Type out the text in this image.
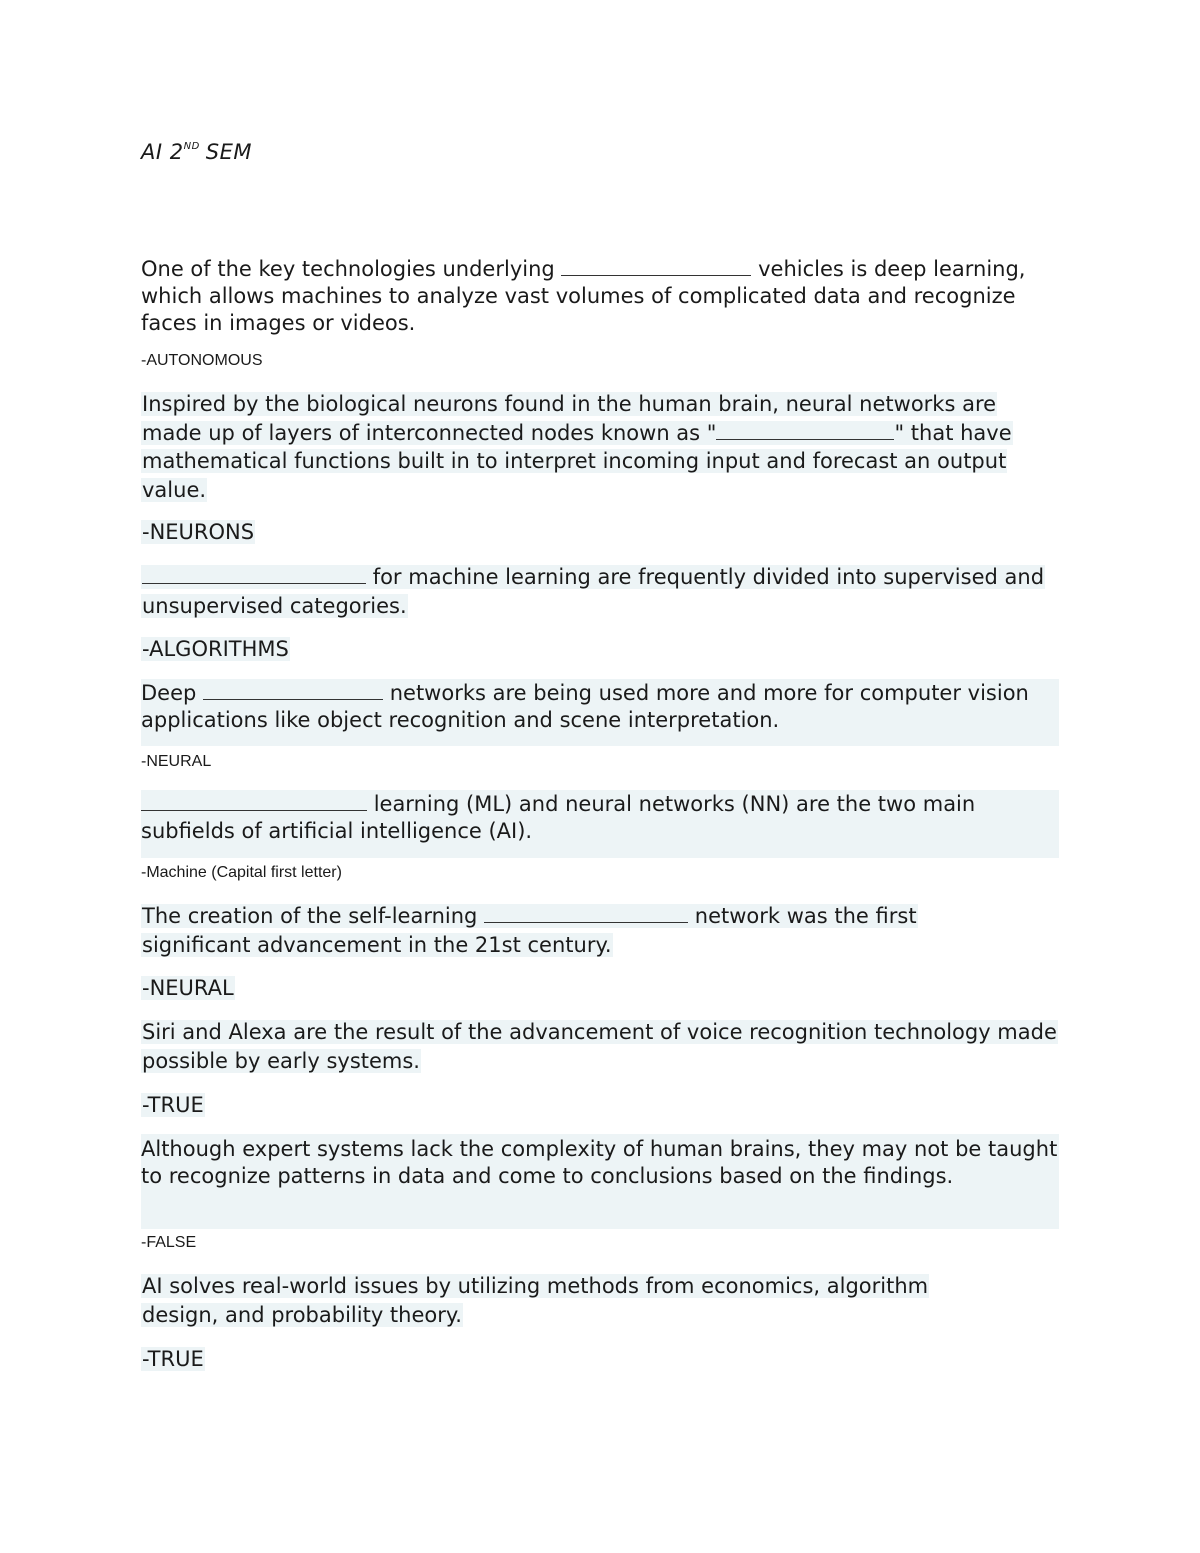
AI 2ND SEM
One of the key technologies underlying	vehicles is deep learning, which allows machines to analyze vast volumes of complicated data and recognize faces in images or videos.
-AUTONOMOUS
Inspired by the biological neurons found in the human brain, neural networks are made up of layers of interconnected nodes known as "	" that have mathematical functions built in to interpret incoming input and forecast an output value.
-NEURONS
for machine learning are frequently divided into supervised and unsupervised categories.
-ALGORITHMS
Deep	networks are being used more and more for computer vision applications like object recognition and scene interpretation.
-NEURAL
learning (ML) and neural networks (NN) are the two main subfields of artificial intelligence (AI).
-Machine (Capital first letter)
The creation of the self-learning	network was the first significant advancement in the 21st century.
-NEURAL
Siri and Alexa are the result of the advancement of voice recognition technology made possible by early systems.
-TRUE
Although expert systems lack the complexity of human brains, they may not be taught to recognize patterns in data and come to conclusions based on the findings.
-FALSE
AI solves real-world issues by utilizing methods from economics, algorithm design, and probability theory.
-TRUE
